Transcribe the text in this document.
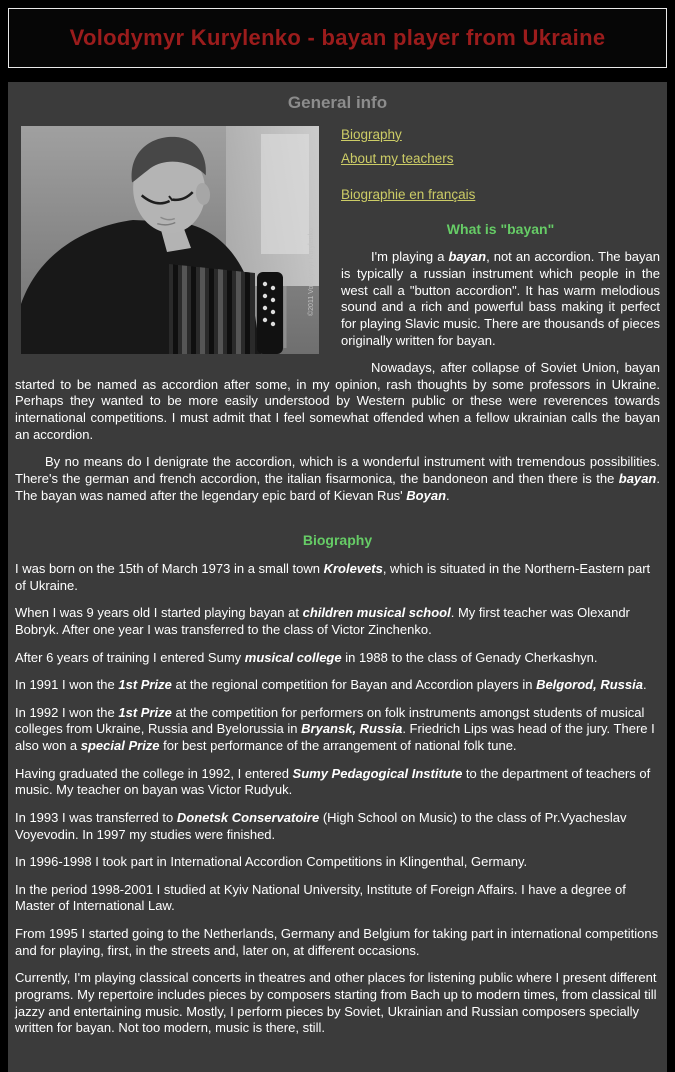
Volodymyr Kurylenko - bayan player from Ukraine
General info
©2011 Volodymyr Kurylenko
Biography
About my teachers
Biographie en français
What is "bayan"

I'm playing a bayan, not an accordion. The bayan is typically a russian instrument which people in the west call a "button accordion". It has warm melodious sound and a rich and powerful bass making it perfect for playing Slavic music. There are thousands of pieces originally written for bayan.

Nowadays, after collapse of Soviet Union, bayan started to be named as accordion after some, in my opinion, rash thoughts by some professors in Ukraine. Perhaps they wanted to be more easily understood by Western public or these were reverences towards international competitions. I must admit that I feel somewhat offended when a fellow ukrainian calls the bayan an accordion.

By no means do I denigrate the accordion, which is a wonderful instrument with tremendous possibilities. There's the german and french accordion, the italian fisarmonica, the bandoneon and then there is the bayan. The bayan was named after the legendary epic bard of Kievan Rus' Boyan.

Biography

I was born on the 15th of March 1973 in a small town Krolevets, which is situated in the Northern-Eastern part of Ukraine.

When I was 9 years old I started playing bayan at children musical school. My first teacher was Olexandr Bobryk. After one year I was transferred to the class of Victor Zinchenko.

After 6 years of training I entered Sumy musical college in 1988 to the class of Genady Cherkashyn.

In 1991 I won the 1st Prize at the regional competition for Bayan and Accordion players in Belgorod, Russia.

In 1992 I won the 1st Prize at the competition for performers on folk instruments amongst students of musical colleges from Ukraine, Russia and Byelorussia in Bryansk, Russia. Friedrich Lips was head of the jury. There I also won a special Prize for best performance of the arrangement of national folk tune.

Having graduated the college in 1992, I entered Sumy Pedagogical Institute to the department of teachers of music. My teacher on bayan was Victor Rudyuk.

In 1993 I was transferred to Donetsk Conservatoire (High School on Music) to the class of Pr.Vyacheslav Voyevodin. In 1997 my studies were finished.

In 1996-1998 I took part in International Accordion Competitions in Klingenthal, Germany.

In the period 1998-2001 I studied at Kyiv National University, Institute of Foreign Affairs. I have a degree of Master of International Law.

From 1995 I started going to the Netherlands, Germany and Belgium for taking part in international competitions and for playing, first, in the streets and, later on, at different occasions.

Currently, I'm playing classical concerts in theatres and other places for listening public where I present different programs. My repertoire includes pieces by composers starting from Bach up to modern times, from classical till jazzy and entertaining music. Mostly, I perform pieces by Soviet, Ukrainian and Russian composers specially written for bayan. Not too modern, music is there, still.
